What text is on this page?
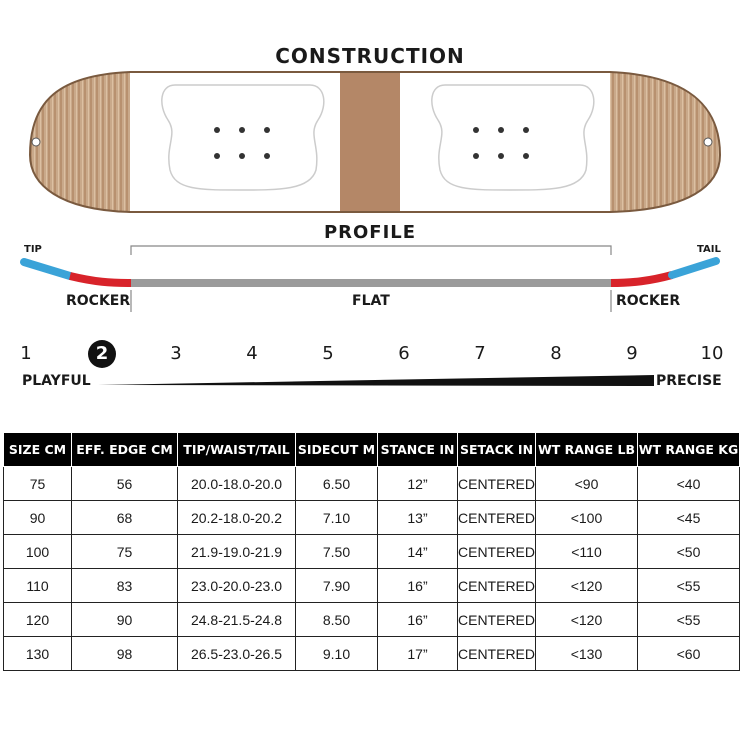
CONSTRUCTION
PROFILE
TIP	TAIL
ROCKER	FLAT	ROCKER
1	2	3	4	5	6	7	8	9	10
PLAYFUL	PRECISE
SIZE CM	EFF. EDGE CM	TIP/WAIST/TAIL	SIDECUT M	STANCE IN	SETACK IN	WT RANGE LB	WT RANGE KG
75	56	20.0-18.0-20.0	6.50	12”	CENTERED	<90	<40
90	68	20.2-18.0-20.2	7.10	13”	CENTERED	<100	<45
100	75	21.9-19.0-21.9	7.50	14”	CENTERED	<110	<50
110	83	23.0-20.0-23.0	7.90	16”	CENTERED	<120	<55
120	90	24.8-21.5-24.8	8.50	16”	CENTERED	<120	<55
130	98	26.5-23.0-26.5	9.10	17”	CENTERED	<130	<60
